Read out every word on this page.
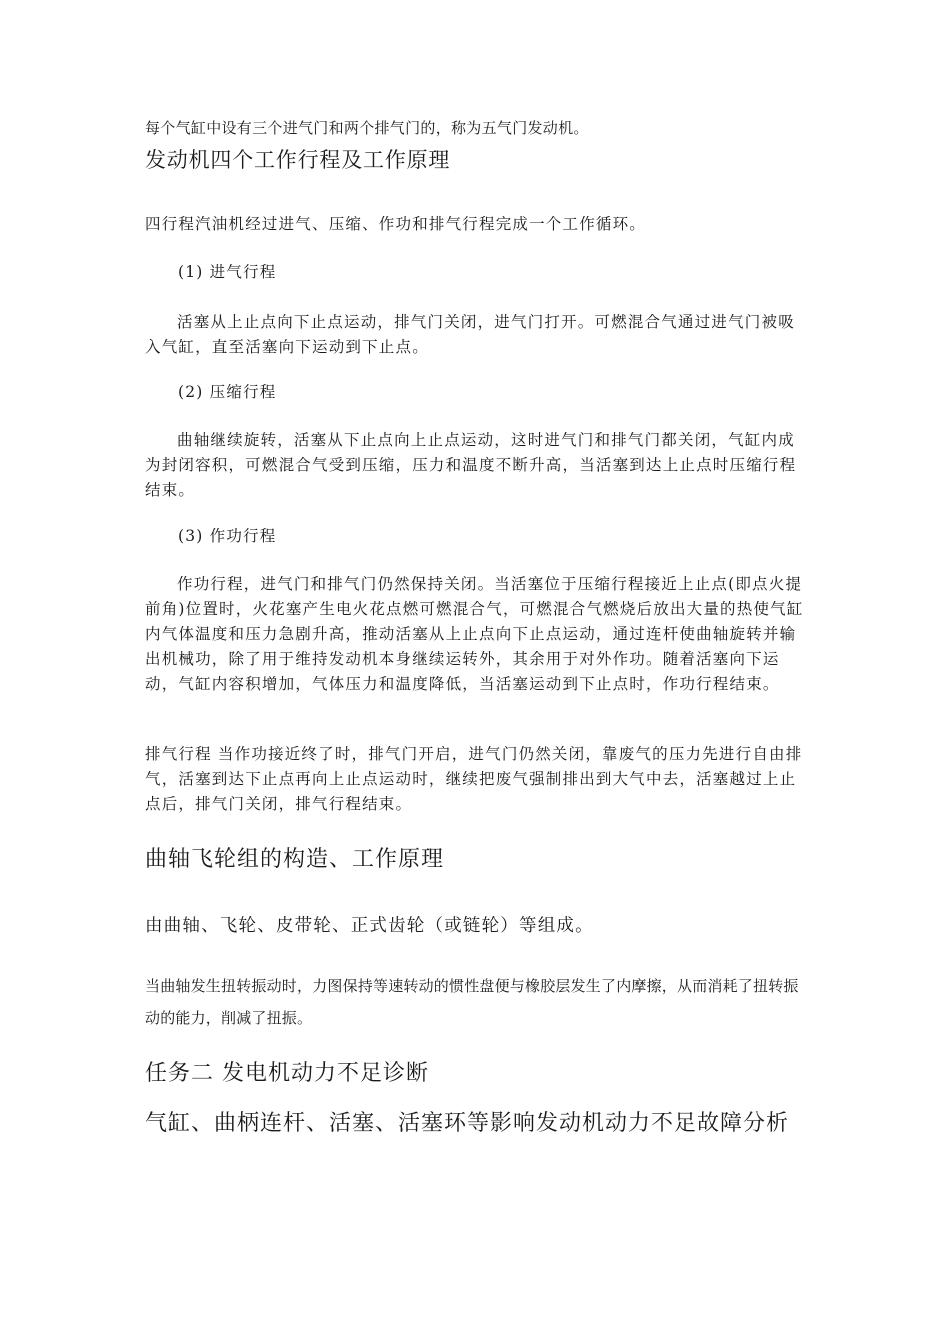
每个气缸中设有三个进气门和两个排气门的，称为五气门发动机。

发动机四个工作行程及工作原理

四行程汽油机经过进气、压缩、作功和排气行程完成一个工作循环。

(1) 进气行程

活塞从上止点向下止点运动，排气门关闭，进气门打开。可燃混合气通过进气门被吸入气缸，直至活塞向下运动到下止点。

(2) 压缩行程

曲轴继续旋转，活塞从下止点向上止点运动，这时进气门和排气门都关闭，气缸内成为封闭容积，可燃混合气受到压缩，压力和温度不断升高，当活塞到达上止点时压缩行程结束。

(3) 作功行程

作功行程，进气门和排气门仍然保持关闭。当活塞位于压缩行程接近上止点(即点火提前角)位置时，火花塞产生电火花点燃可燃混合气，可燃混合气燃烧后放出大量的热使气缸内气体温度和压力急剧升高，推动活塞从上止点向下止点运动，通过连杆使曲轴旋转并输出机械功，除了用于维持发动机本身继续运转外，其余用于对外作功。随着活塞向下运动，气缸内容积增加，气体压力和温度降低，当活塞运动到下止点时，作功行程结束。

排气行程 当作功接近终了时，排气门开启，进气门仍然关闭，靠废气的压力先进行自由排气，活塞到达下止点再向上止点运动时，继续把废气强制排出到大气中去，活塞越过上止点后，排气门关闭，排气行程结束。

曲轴飞轮组的构造、工作原理

由曲轴、飞轮、皮带轮、正式齿轮（或链轮）等组成。

当曲轴发生扭转振动时，力图保持等速转动的惯性盘便与橡胶层发生了内摩擦，从而消耗了扭转振动的能力，削减了扭振。

任务二 发电机动力不足诊断
气缸、曲柄连杆、活塞、活塞环等影响发动机动力不足故障分析
